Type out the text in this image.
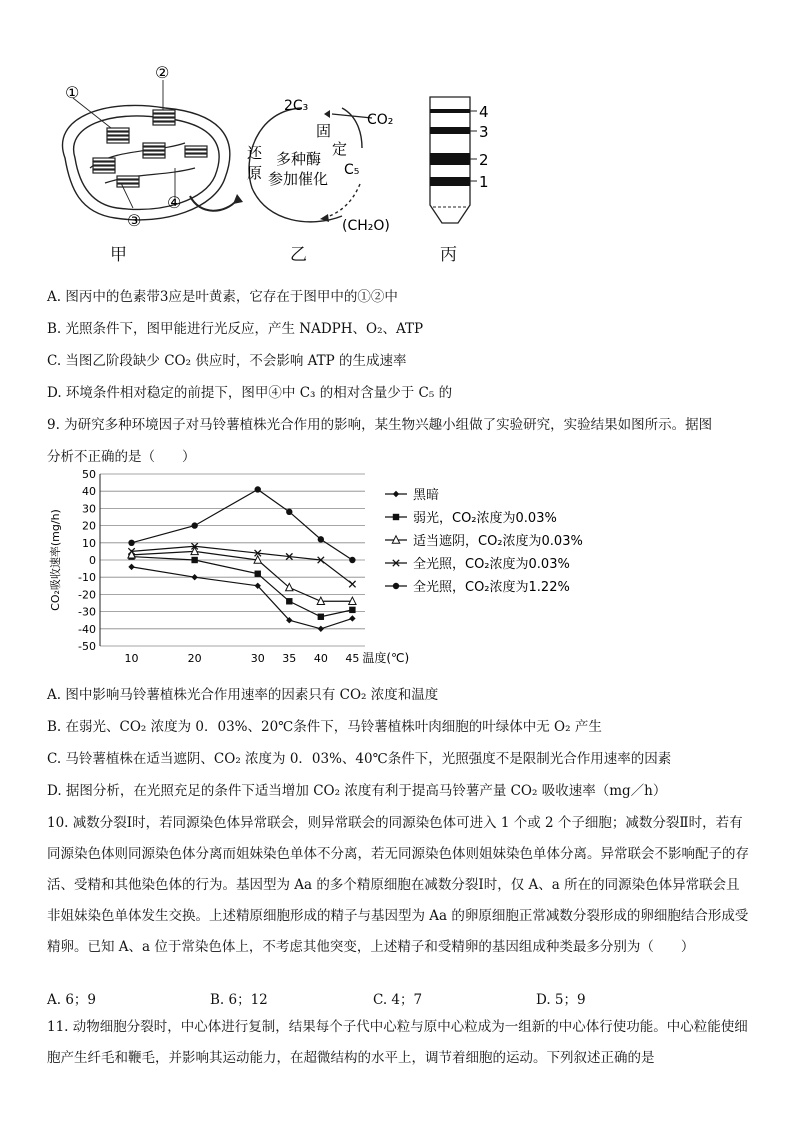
①
②
③
④
甲
2C₃
CO₂
固
定
C₅
还
原
多种酶
参加催化
(CH₂O)
乙
4
3
2
1
丙
A. 图丙中的色素带3应是叶黄素，它存在于图甲中的①②中
B. 光照条件下，图甲能进行光反应，产生 NADPH、O₂、ATP
C. 当图乙阶段缺少 CO₂ 供应时，不会影响 ATP 的生成速率
D. 环境条件相对稳定的前提下，图甲④中 C₃ 的相对含量少于 C₅ 的
9. 为研究多种环境因子对马铃薯植株光合作用的影响，某生物兴趣小组做了实验研究，实验结果如图所示。据图
分析不正确的是（　　）
50
40
30
20
10
0
-10
-20
-30
-40
-50
10	20	30 35 40 45 温度(℃)
CO₂吸收速率(mg/h)
黑暗
弱光，CO₂浓度为0.03%
适当遮阴，CO₂浓度为0.03%
全光照，CO₂浓度为0.03%
全光照，CO₂浓度为1.22%
A. 图中影响马铃薯植株光合作用速率的因素只有 CO₂ 浓度和温度
B. 在弱光、CO₂ 浓度为 0．03%、20℃条件下，马铃薯植株叶肉细胞的叶绿体中无 O₂ 产生
C. 马铃薯植株在适当遮阴、CO₂ 浓度为 0．03%、40℃条件下，光照强度不是限制光合作用速率的因素
D. 据图分析，在光照充足的条件下适当增加 CO₂ 浓度有利于提高马铃薯产量 CO₂ 吸收速率（mg／h）
10. 减数分裂Ⅰ时，若同源染色体异常联会，则异常联会的同源染色体可进入 1 个或 2 个子细胞；减数分裂Ⅱ时，若有同源染色体则同源染色体分离而姐妹染色单体不分离，若无同源染色体则姐妹染色单体分离。异常联会不影响配子的存活、受精和其他染色体的行为。基因型为 Aa 的多个精原细胞在减数分裂Ⅰ时，仅 A、a 所在的同源染色体异常联会且非姐妹染色单体发生交换。上述精原细胞形成的精子与基因型为 Aa 的卵原细胞正常减数分裂形成的卵细胞结合形成受精卵。已知 A、a 位于常染色体上，不考虑其他突变，上述精子和受精卵的基因组成种类最多分别为（　　）
A. 6；9	B. 6；12	C. 4；7	D. 5；9
11. 动物细胞分裂时，中心体进行复制，结果每个子代中心粒与原中心粒成为一组新的中心体行使功能。中心粒能使细胞产生纤毛和鞭毛，并影响其运动能力，在超微结构的水平上，调节着细胞的运动。下列叙述正确的是
